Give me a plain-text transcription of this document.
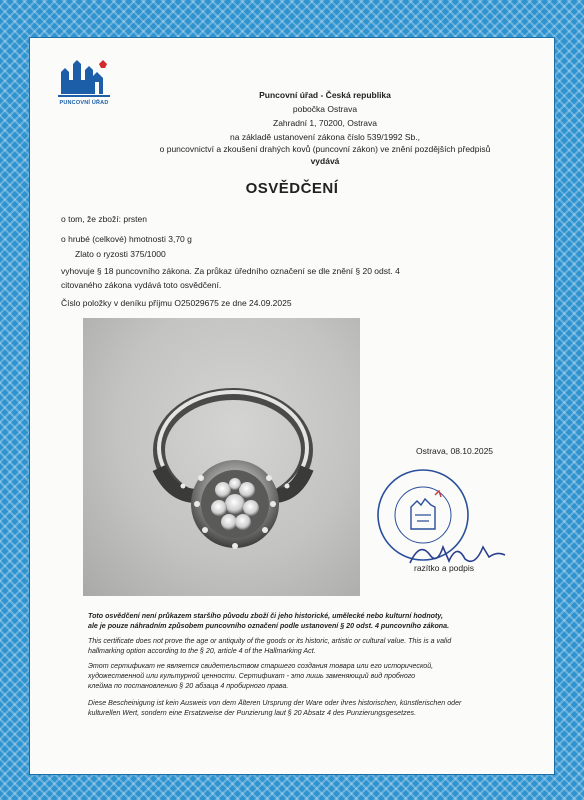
PUNCOVNÍ ÚŘAD
Puncovní úřad - Česká republika
pobočka Ostrava
Zahradní 1, 70200, Ostrava
na základě ustanovení zákona číslo 539/1992 Sb.,
o puncovnictví a zkoušení drahých kovů (puncovní zákon) ve znění pozdějších předpisů
vydává
OSVĚDČENÍ
o tom, že zboží: prsten
o hrubé (celkové) hmotnosti 3,70 g
Zlato o ryzosti 375/1000
vyhovuje § 18 puncovního zákona. Za průkaz úředního označení se dle znění § 20 odst. 4
citovaného zákona vydává toto osvědčení.
Číslo položky v deníku příjmu O25029675 ze dne 24.09.2025
Ostrava, 08.10.2025
razítko a podpis
Toto osvědčení není průkazem staršího původu zboží či jeho historické, umělecké nebo kulturní hodnoty,
ale je pouze náhradním způsobem puncovního označení podle ustanovení § 20 odst. 4 puncovního zákona.
This certificate does not prove the age or antiquity of the goods or its historic, artistic or cultural value. This is a valid
hallmarking option according to the § 20, article 4 of the Hallmarking Act.
Этот сертификат не является свидетельством старшего создания товара или его исторической,
художественной или культурной ценности. Сертификат - это лишь заменяющий вид пробного
клейма по постановлению § 20 абзаца 4 пробирного права.
Diese Bescheinigung ist kein Ausweis von dem Älteren Ursprung der Ware oder ihres historischen, künstlerischen oder
kulturellen Wert, sondern eine Ersatzweise der Punzierung laut § 20 Absatz 4 des Punzierungsgesetzes.
